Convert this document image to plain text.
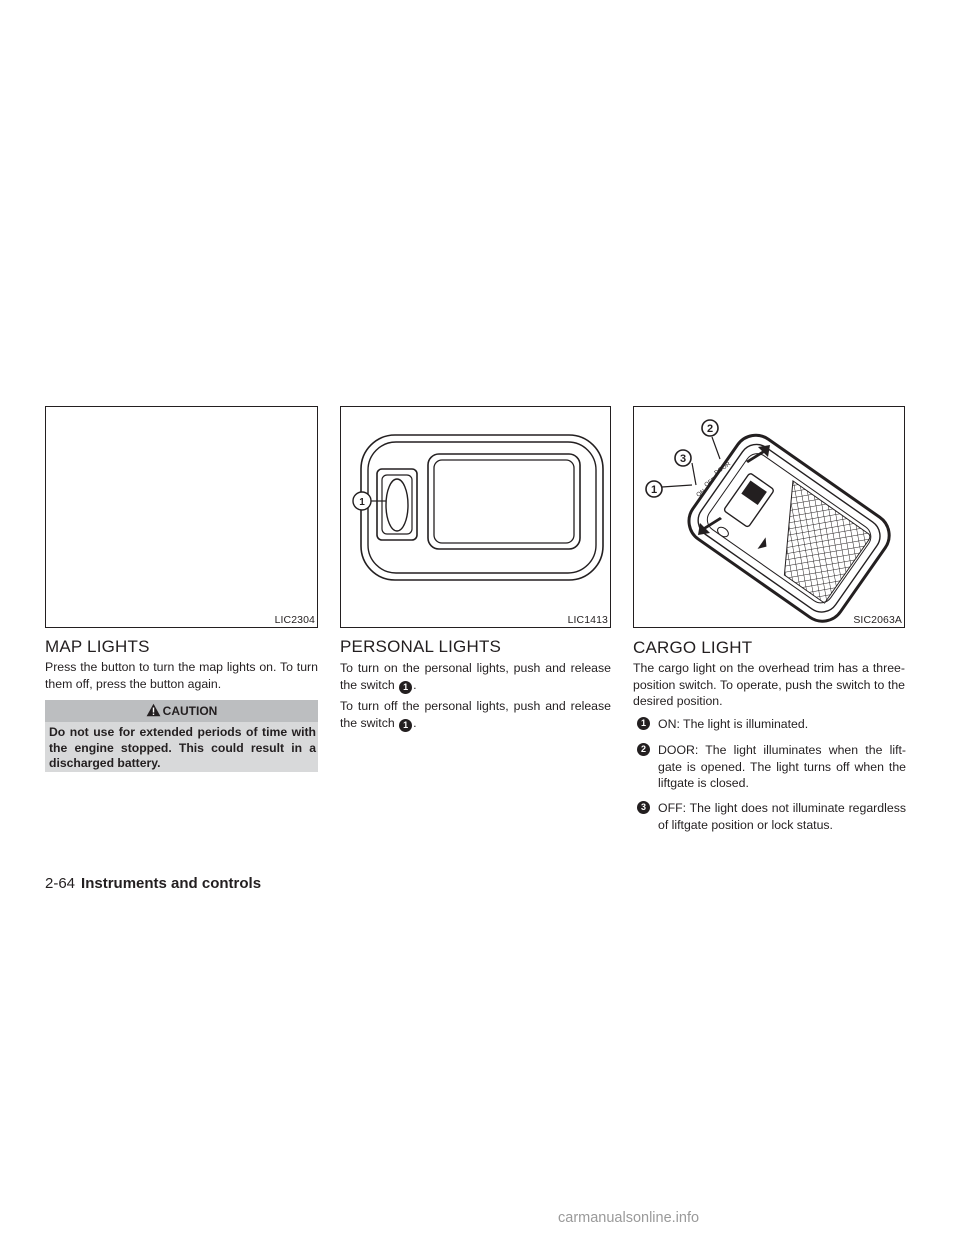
LIC2304
1
LIC1413
1
2
3
ON
OFF
DOOR
SIC2063A
MAP LIGHTS

Press the button to turn the map lights on. To turn them off, press the button again.

CAUTION

Do not use for extended periods of time with the engine stopped. This could result in a discharged battery.

PERSONAL LIGHTS

To turn on the personal lights, push and release the switch 1 .

To turn off the personal lights, push and release the switch 1 .

CARGO LIGHT

The cargo light on the overhead trim has a three-position switch. To operate, push the switch to the desired position.

1 ON: The light is illuminated.
2 DOOR: The light illuminates when the lift-gate is opened. The light turns off when the liftgate is closed.
3 OFF: The light does not illuminate regardless of liftgate position or lock status.
2-64 Instruments and controls
carmanualsonline.info
